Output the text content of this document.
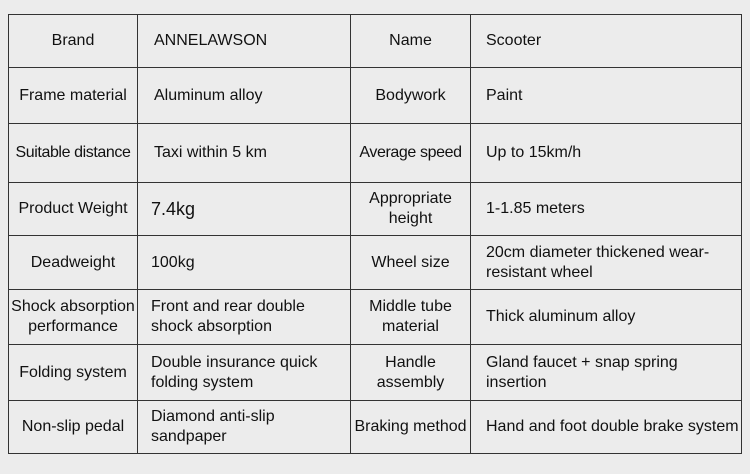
Brand	ANNELAWSON	Name	Scooter
Frame material	Aluminum alloy	Bodywork	Paint
Suitable distance	Taxi within 5 km	Average speed	Up to 15km/h
Product Weight	7.4kg	Appropriate height	1-1.85 meters
Deadweight	100kg	Wheel size	20cm diameter thickened wear-resistant wheel
Shock absorption performance	Front and rear double shock absorption	Middle tube material	Thick aluminum alloy
Folding system	Double insurance quick folding system	Handle assembly	Gland faucet + snap spring insertion
Non-slip pedal	Diamond anti-slip sandpaper	Braking method	Hand and foot double brake system
